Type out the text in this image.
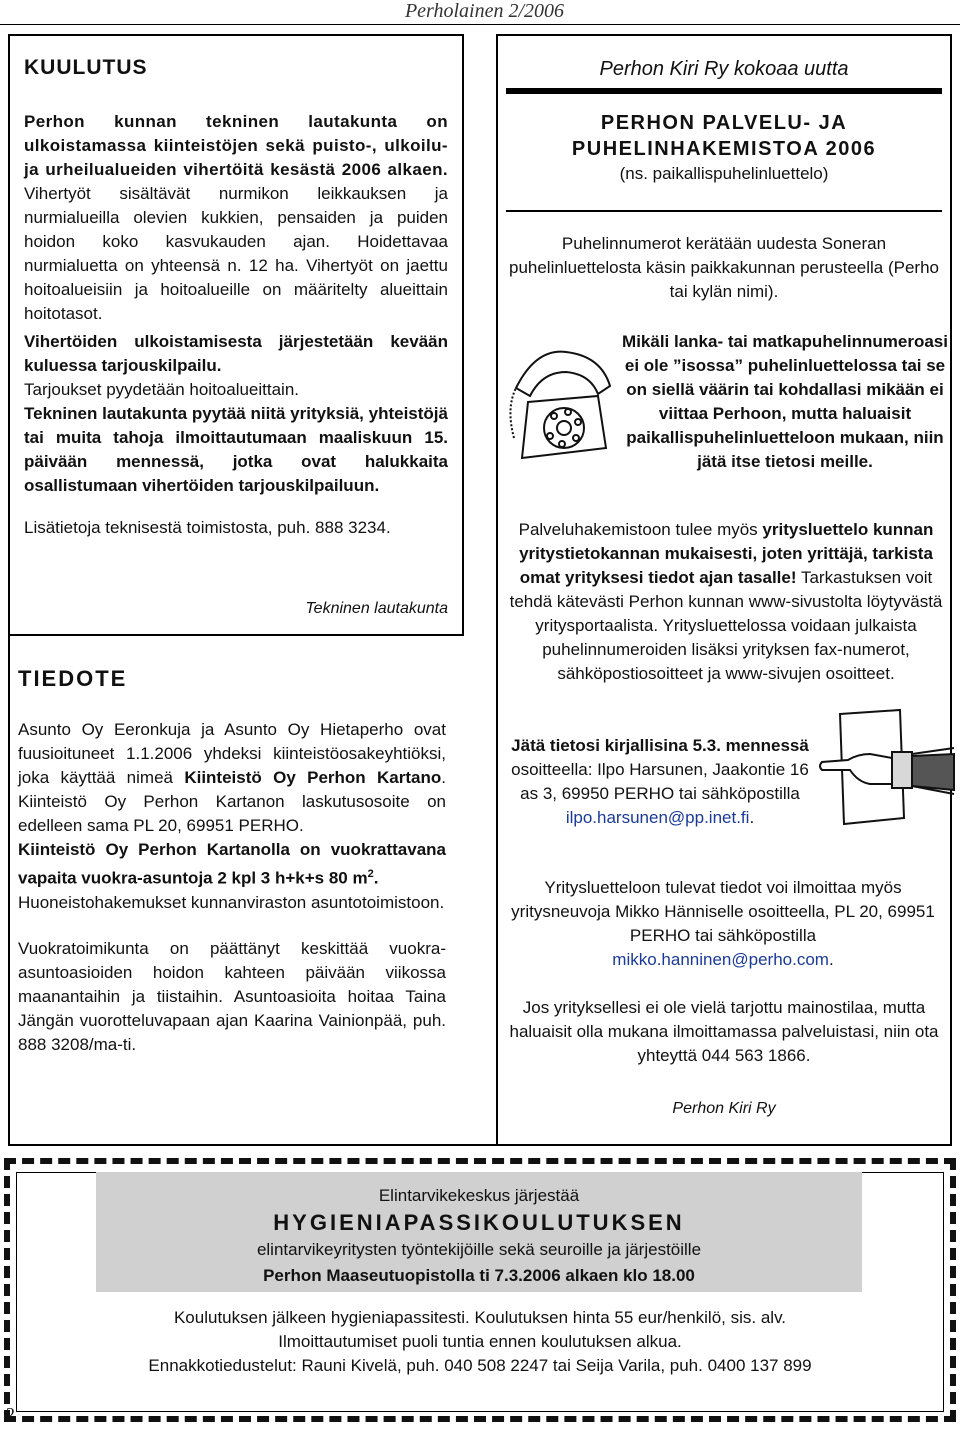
Perholainen 2/2006
KUULUTUS

Perhon kunnan tekninen lautakunta on ulkoistamassa kiinteistöjen sekä puisto-, ulkoilu- ja urheilualueiden vihertöitä kesästä 2006 alkaen. Vihertyöt sisältävät nurmikon leikkauksen ja nurmialueilla olevien kukkien, pensaiden ja puiden hoidon koko kasvukauden ajan. Hoidettavaa nurmialuetta on yhteensä n. 12 ha. Vihertyöt on jaettu hoitoalueisiin ja hoitoalueille on määritelty alueittain hoitotasot.

Vihertöiden ulkoistamisesta järjestetään kevään kuluessa tarjouskilpailu.

Tarjoukset pyydetään hoitoalueittain.

Tekninen lautakunta pyytää niitä yrityksiä, yhteistöjä tai muita tahoja ilmoittautumaan maaliskuun 15. päivään mennessä, jotka ovat halukkaita osallistumaan vihertöiden tarjouskilpailuun.

Lisätietoja teknisestä toimistosta, puh. 888 3234.

Tekninen lautakunta
TIEDOTE

Asunto Oy Eeronkuja ja Asunto Oy Hietaperho ovat fuusioituneet 1.1.2006 yhdeksi kiinteistöosakeyhtiöksi, joka käyttää nimeä Kiinteistö Oy Perhon Kartano. Kiinteistö Oy Perhon Kartanon laskutusosoite on edelleen sama PL 20, 69951 PERHO.

Kiinteistö Oy Perhon Kartanolla on vuokrattavana vapaita vuokra-asuntoja 2 kpl 3 h+k+s 80 $m^2$.

Huoneistohakemukset kunnanviraston asuntotoimistoon.

Vuokratoimikunta on päättänyt keskittää vuokra-asuntoasioiden hoidon kahteen päivään viikossa maanantaihin ja tiistaihin. Asuntoasioita hoitaa Taina Jängän vuorotteluvapaan ajan Kaarina Vainionpää, puh. 888 3208/ma-ti.

Perhon Kiri Ry kokoaa uutta
PERHON PALVELU- JA
PUHELINHAKEMISTOA 2006
(ns. paikallispuhelinluettelo)
Puhelinnumerot kerätään uudesta Soneran puhelinluettelosta käsin paikkakunnan perusteella (Perho tai kylän nimi).
Mikäli lanka- tai matkapuhelinnumeroasi ei ole ”isossa” puhelinluettelossa tai se on siellä väärin tai kohdallasi mikään ei viittaa Perhoon, mutta haluaisit paikallispuhelinluetteloon mukaan, niin jätä itse tietosi meille.
Palveluhakemistoon tulee myös yritysluettelo kunnan yritystietokannan mukaisesti, joten yrittäjä, tarkista omat yrityksesi tiedot ajan tasalle! Tarkastuksen voit tehdä kätevästi Perhon kunnan www-sivustolta löytyvästä yritysportaalista. Yritysluettelossa voidaan julkaista puhelinnumeroiden lisäksi yrityksen fax-numerot, sähköpostiosoitteet ja www-sivujen osoitteet.
Jätä tietosi kirjallisina 5.3. mennessä osoitteella: Ilpo Harsunen, Jaakontie 16 as 3, 69950 PERHO tai sähköpostilla
ilpo.harsunen@pp.inet.fi.
Yritysluetteloon tulevat tiedot voi ilmoittaa myös yritysneuvoja Mikko Hänniselle osoitteella, PL 20, 69951 PERHO tai sähköpostilla
mikko.hanninen@perho.com.
Jos yrityksellesi ei ole vielä tarjottu mainostilaa, mutta haluaisit olla mukana ilmoittamassa palveluistasi, niin ota yhteyttä 044 563 1866.
Perhon Kiri Ry
Elintarvikekeskus järjestää
HYGIENIAPASSIKOULUTUKSEN
elintarvikeyritysten työntekijöille sekä seuroille ja järjestöille
Perhon Maaseutuopistolla ti 7.3.2006 alkaen klo 18.00
Koulutuksen jälkeen hygieniapassitesti. Koulutuksen hinta 55 eur/henkilö, sis. alv.
Ilmoittautumiset puoli tuntia ennen koulutuksen alkua.
Ennakkotiedustelut: Rauni Kivelä, puh. 040 508 2247 tai Seija Varila, puh. 0400 137 899
2
